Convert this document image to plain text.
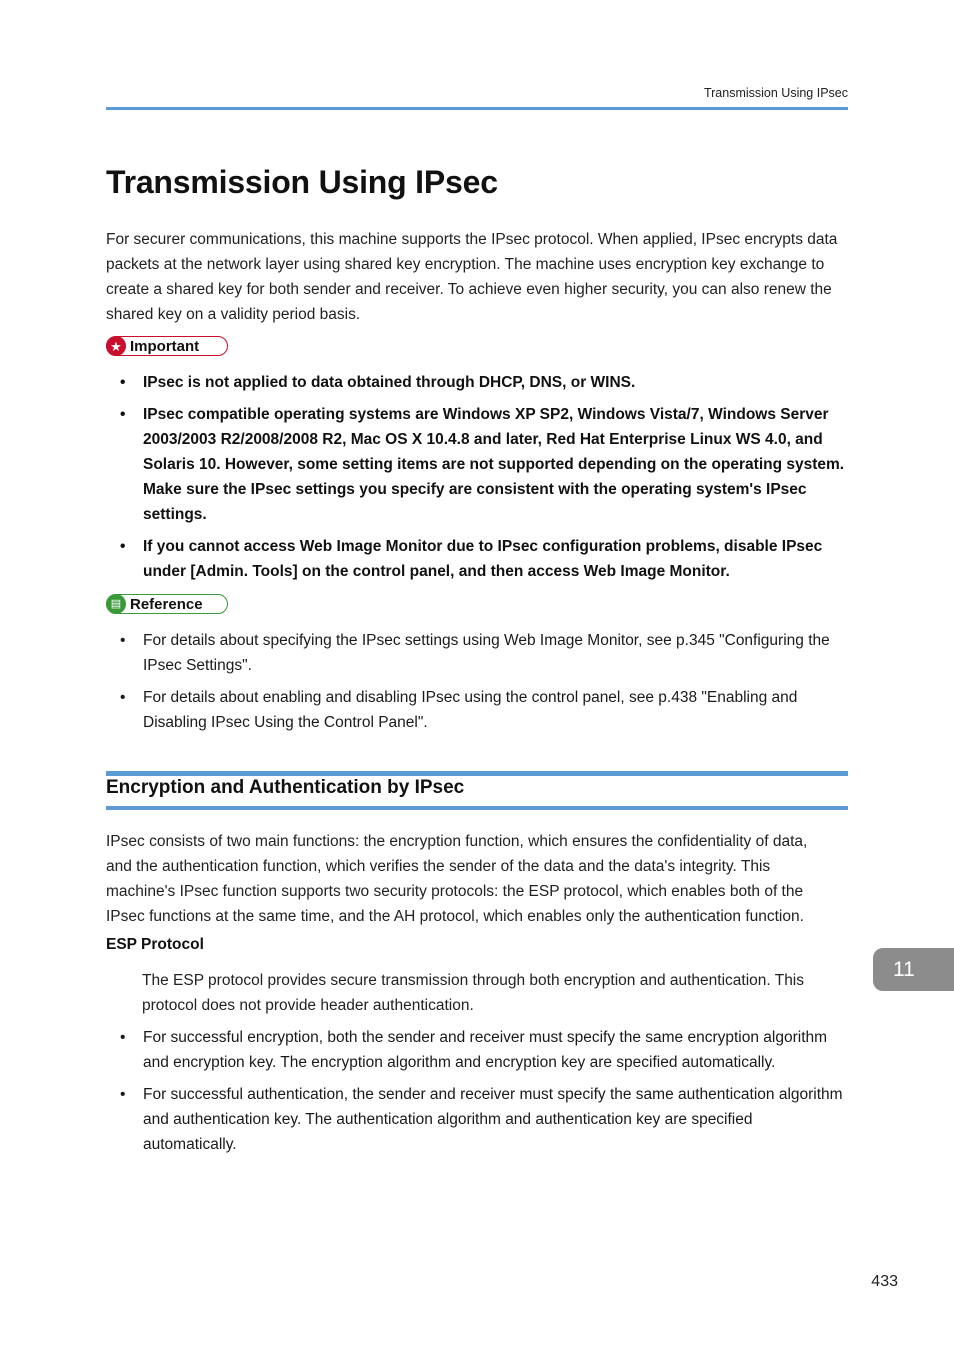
Transmission Using IPsec
Transmission Using IPsec

For securer communications, this machine supports the IPsec protocol. When applied, IPsec encrypts data packets at the network layer using shared key encryption. The machine uses encryption key exchange to create a shared key for both sender and receiver. To achieve even higher security, you can also renew the shared key on a validity period basis.

★ Important
• IPsec is not applied to data obtained through DHCP, DNS, or WINS.
• IPsec compatible operating systems are Windows XP SP2, Windows Vista/7, Windows Server 2003/2003 R2/2008/2008 R2, Mac OS X 10.4.8 and later, Red Hat Enterprise Linux WS 4.0, and Solaris 10. However, some setting items are not supported depending on the operating system. Make sure the IPsec settings you specify are consistent with the operating system's IPsec settings.
• If you cannot access Web Image Monitor due to IPsec configuration problems, disable IPsec under [Admin. Tools] on the control panel, and then access Web Image Monitor.
▤ Reference
• For details about specifying the IPsec settings using Web Image Monitor, see p.345 "Configuring the IPsec Settings".
• For details about enabling and disabling IPsec using the control panel, see p.438 "Enabling and Disabling IPsec Using the Control Panel".
Encryption and Authentication by IPsec

IPsec consists of two main functions: the encryption function, which ensures the confidentiality of data, and the authentication function, which verifies the sender of the data and the data's integrity. This machine's IPsec function supports two security protocols: the ESP protocol, which enables both of the IPsec functions at the same time, and the AH protocol, which enables only the authentication function.

ESP Protocol

The ESP protocol provides secure transmission through both encryption and authentication. This protocol does not provide header authentication.

• For successful encryption, both the sender and receiver must specify the same encryption algorithm and encryption key. The encryption algorithm and encryption key are specified automatically.
• For successful authentication, the sender and receiver must specify the same authentication algorithm and authentication key. The authentication algorithm and authentication key are specified automatically.
11
433
